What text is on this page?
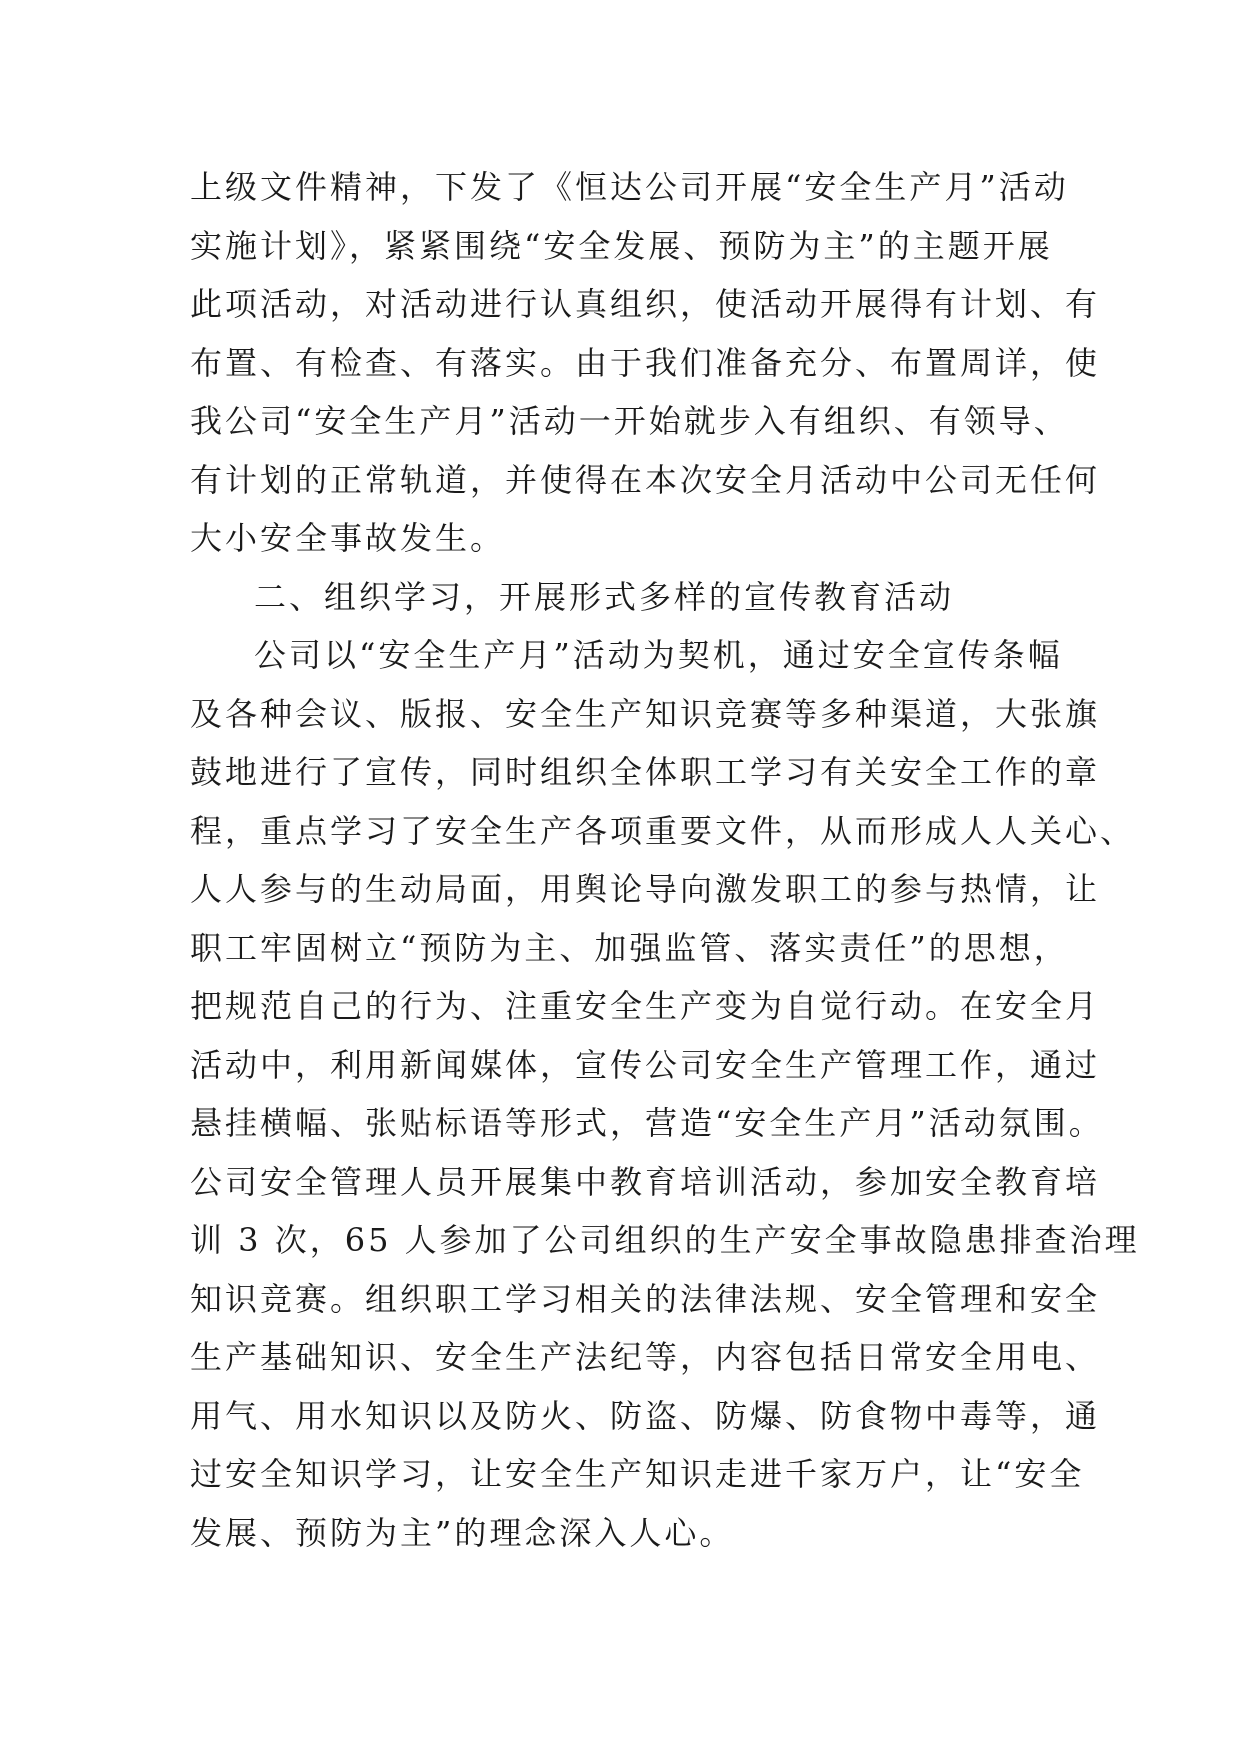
上级文件精神，下发了《恒达公司开展“安全生产月”活动

实施计划》，紧紧围绕“安全发展、预防为主”的主题开展

此项活动，对活动进行认真组织，使活动开展得有计划、有

布置、有检查、有落实。由于我们准备充分、布置周详，使

我公司“安全生产月”活动一开始就步入有组织、有领导、

有计划的正常轨道，并使得在本次安全月活动中公司无任何

大小安全事故发生。

二、组织学习，开展形式多样的宣传教育活动

公司以“安全生产月”活动为契机，通过安全宣传条幅

及各种会议、版报、安全生产知识竞赛等多种渠道，大张旗

鼓地进行了宣传，同时组织全体职工学习有关安全工作的章

程，重点学习了安全生产各项重要文件，从而形成人人关心、

人人参与的生动局面，用舆论导向激发职工的参与热情，让

职工牢固树立“预防为主、加强监管、落实责任”的思想，

把规范自己的行为、注重安全生产变为自觉行动。在安全月

活动中，利用新闻媒体，宣传公司安全生产管理工作，通过

悬挂横幅、张贴标语等形式，营造“安全生产月”活动氛围。

公司安全管理人员开展集中教育培训活动，参加安全教育培

训 3 次，65 人参加了公司组织的生产安全事故隐患排查治理

知识竞赛。组织职工学习相关的法律法规、安全管理和安全

生产基础知识、安全生产法纪等，内容包括日常安全用电、

用气、用水知识以及防火、防盗、防爆、防食物中毒等，通

过安全知识学习，让安全生产知识走进千家万户，让“安全

发展、预防为主”的理念深入人心。
